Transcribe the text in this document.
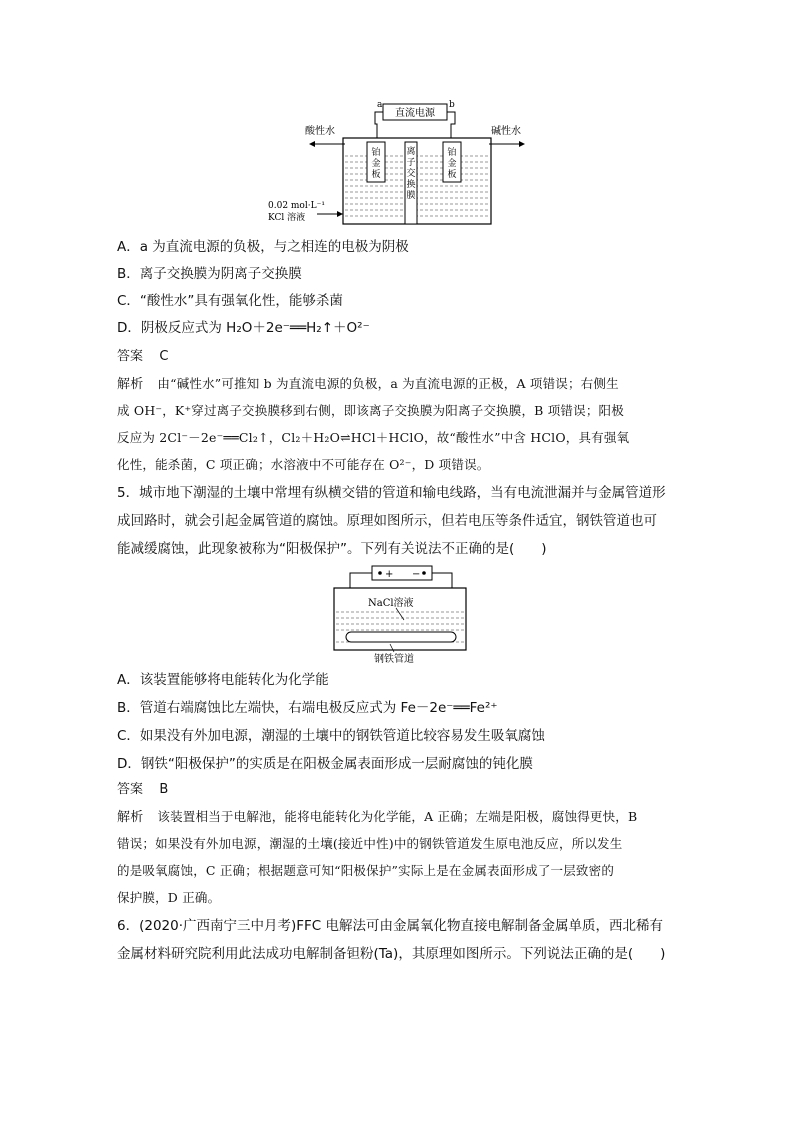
直流电源
a	b
离子交换膜
铂金板
铂金板
酸性水	碱性水
0.02 mol·L⁻¹
KCl 溶液
A．a 为直流电源的负极，与之相连的电极为阴极
B．离子交换膜为阴离子交换膜
C．“酸性水”具有强氧化性，能够杀菌
D．阴极反应式为 H₂O＋2e⁻══H₂↑＋O²⁻
答案 C
解析 由“碱性水”可推知 b 为直流电源的负极，a 为直流电源的正极，A 项错误；右侧生
成 OH⁻，K⁺穿过离子交换膜移到右侧，即该离子交换膜为阳离子交换膜，B 项错误；阳极
反应为 2Cl⁻－2e⁻══Cl₂↑，Cl₂＋H₂O⇌HCl＋HClO，故“酸性水”中含 HClO，具有强氧
化性，能杀菌，C 项正确；水溶液中不可能存在 O²⁻，D 项错误。
5．城市地下潮湿的土壤中常埋有纵横交错的管道和输电线路，当有电流泄漏并与金属管道形
成回路时，就会引起金属管道的腐蚀。原理如图所示，但若电压等条件适宜，钢铁管道也可
能减缓腐蚀，此现象被称为“阳极保护”。下列有关说法不正确的是(　　)
+ −
NaCl溶液
钢铁管道
A．该装置能够将电能转化为化学能
B．管道右端腐蚀比左端快，右端电极反应式为 Fe－2e⁻══Fe²⁺
C．如果没有外加电源，潮湿的土壤中的钢铁管道比较容易发生吸氧腐蚀
D．钢铁“阳极保护”的实质是在阳极金属表面形成一层耐腐蚀的钝化膜
答案 B
解析 该装置相当于电解池，能将电能转化为化学能，A 正确；左端是阳极，腐蚀得更快，B
错误；如果没有外加电源，潮湿的土壤(接近中性)中的钢铁管道发生原电池反应，所以发生
的是吸氧腐蚀，C 正确；根据题意可知“阳极保护”实际上是在金属表面形成了一层致密的
保护膜，D 正确。
6．(2020·广西南宁三中月考)FFC 电解法可由金属氧化物直接电解制备金属单质，西北稀有
金属材料研究院利用此法成功电解制备钽粉(Ta)，其原理如图所示。下列说法正确的是(　　)
